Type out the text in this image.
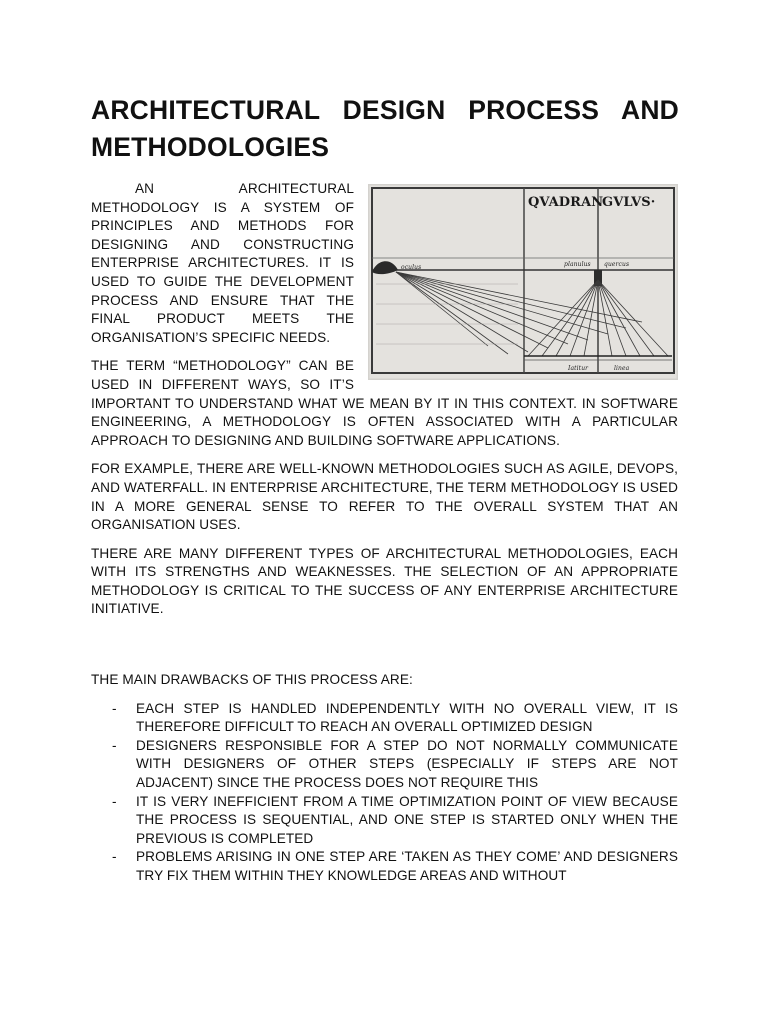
ARCHITECTURAL DESIGN PROCESS AND METHODOLOGIES
QVADRAN
GVLVS·
oculus	planulus quercus
Iatitur	linea

AN ARCHITECTURAL METHODOLOGY IS A SYSTEM OF PRINCIPLES AND METHODS FOR DESIGNING AND CONSTRUCTING ENTERPRISE ARCHITECTURES. IT IS USED TO GUIDE THE DEVELOPMENT PROCESS AND ENSURE THAT THE FINAL PRODUCT MEETS THE ORGANISATION’S SPECIFIC NEEDS.

THE TERM “METHODOLOGY” CAN BE USED IN DIFFERENT WAYS, SO IT’S IMPORTANT TO UNDERSTAND WHAT WE MEAN BY IT IN THIS CONTEXT. IN SOFTWARE ENGINEERING, A METHODOLOGY IS OFTEN ASSOCIATED WITH A PARTICULAR APPROACH TO DESIGNING AND BUILDING SOFTWARE APPLICATIONS.

FOR EXAMPLE, THERE ARE WELL-KNOWN METHODOLOGIES SUCH AS AGILE, DEVOPS, AND WATERFALL. IN ENTERPRISE ARCHITECTURE, THE TERM METHODOLOGY IS USED IN A MORE GENERAL SENSE TO REFER TO THE OVERALL SYSTEM THAT AN ORGANISATION USES.

THERE ARE MANY DIFFERENT TYPES OF ARCHITECTURAL METHODOLOGIES, EACH WITH ITS STRENGTHS AND WEAKNESSES. THE SELECTION OF AN APPROPRIATE METHODOLOGY IS CRITICAL TO THE SUCCESS OF ANY ENTERPRISE ARCHITECTURE INITIATIVE.

THE MAIN DRAWBACKS OF THIS PROCESS ARE:

- EACH STEP IS HANDLED INDEPENDENTLY WITH NO OVERALL VIEW, IT IS THEREFORE DIFFICULT TO REACH AN OVERALL OPTIMIZED DESIGN
- DESIGNERS RESPONSIBLE FOR A STEP DO NOT NORMALLY COMMUNICATE WITH DESIGNERS OF OTHER STEPS (ESPECIALLY IF STEPS ARE NOT ADJACENT) SINCE THE PROCESS DOES NOT REQUIRE THIS
- IT IS VERY INEFFICIENT FROM A TIME OPTIMIZATION POINT OF VIEW BECAUSE THE PROCESS IS SEQUENTIAL, AND ONE STEP IS STARTED ONLY WHEN THE PREVIOUS IS COMPLETED
- PROBLEMS ARISING IN ONE STEP ARE ‘TAKEN AS THEY COME’ AND DESIGNERS TRY FIX THEM WITHIN THEY KNOWLEDGE AREAS AND WITHOUT
